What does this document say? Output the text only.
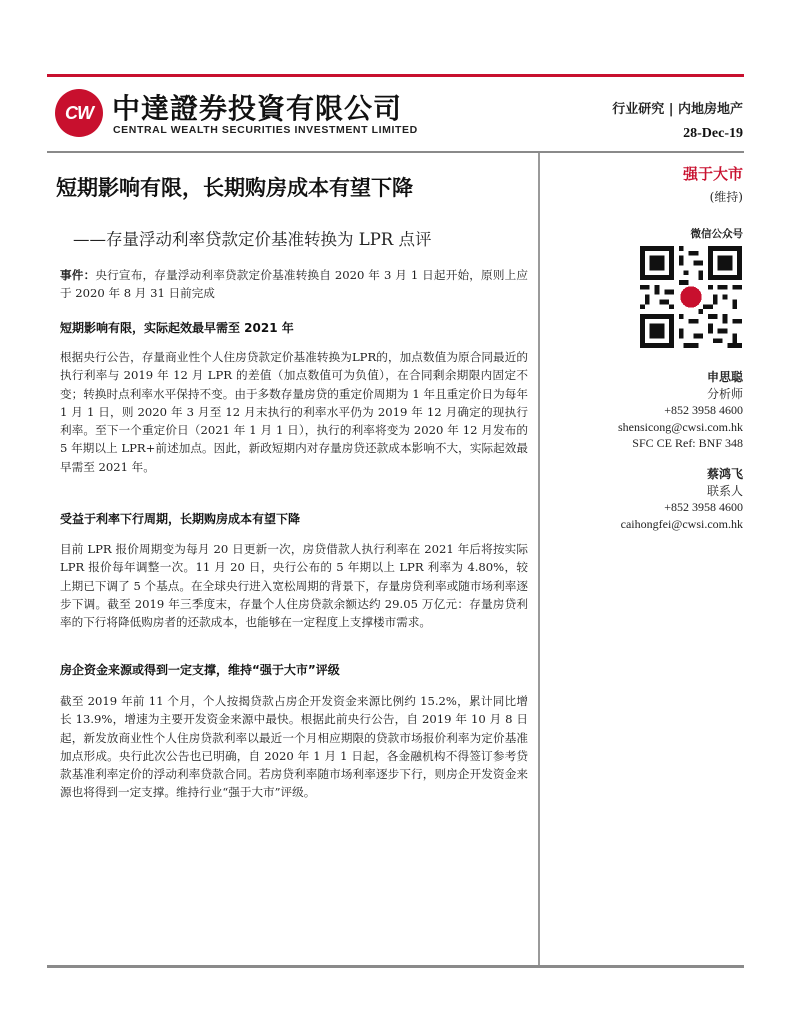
CW 中達證券投資有限公司
CENTRAL WEALTH SECURITIES INVESTMENT LIMITED
行业研究 | 内地房地产
28-Dec-19
短期影响有限，长期购房成本有望下降
——存量浮动利率贷款定价基准转换为 LPR 点评
事件：央行宣布，存量浮动利率贷款定价基准转换自 2020 年 3 月 1 日起开始，原则上应于 2020 年 8 月 31 日前完成
短期影响有限，实际起效最早需至 2021 年
根据央行公告，存量商业性个人住房贷款定价基准转换为LPR的，加点数值为原合同最近的执行利率与 2019 年 12 月 LPR 的差值（加点数值可为负值），在合同剩余期限内固定不变；转换时点利率水平保持不变。由于多数存量房贷的重定价周期为 1 年且重定价日为每年 1 月 1 日，则 2020 年 3 月至 12 月末执行的利率水平仍为 2019 年 12 月确定的现执行利率。至下一个重定价日（2021 年 1 月 1 日），执行的利率将变为 2020 年 12 月发布的 5 年期以上 LPR+前述加点。因此，新政短期内对存量房贷还款成本影响不大，实际起效最早需至 2021 年。
受益于利率下行周期，长期购房成本有望下降
目前 LPR 报价周期变为每月 20 日更新一次，房贷借款人执行利率在 2021 年后将按实际 LPR 报价每年调整一次。11 月 20 日，央行公布的 5 年期以上 LPR 利率为 4.80%，较上期已下调了 5 个基点。在全球央行进入宽松周期的背景下，存量房贷利率或随市场利率逐步下调。截至 2019 年三季度末，存量个人住房贷款余额达约 29.05 万亿元：存量房贷利率的下行将降低购房者的还款成本，也能够在一定程度上支撑楼市需求。
房企资金来源或得到一定支撑，维持“强于大市”评级
截至 2019 年前 11 个月，个人按揭贷款占房企开发资金来源比例约 15.2%，累计同比增长 13.9%，增速为主要开发资金来源中最快。根据此前央行公告，自 2019 年 10 月 8 日起，新发放商业性个人住房贷款利率以最近一个月相应期限的贷款市场报价利率为定价基准加点形成。央行此次公告也已明确，自 2020 年 1 月 1 日起，各金融机构不得签订参考贷款基准利率定价的浮动利率贷款合同。若房贷利率随市场利率逐步下行，则房企开发资金来源也将得到一定支撑。维持行业“强于大市”评级。
强于大市
(维持)
微信公众号
申思聪
分析师
+852 3958 4600
shensicong@cwsi.com.hk
SFC CE Ref: BNF 348
蔡鸿飞
联系人
+852 3958 4600
caihongfei@cwsi.com.hk
